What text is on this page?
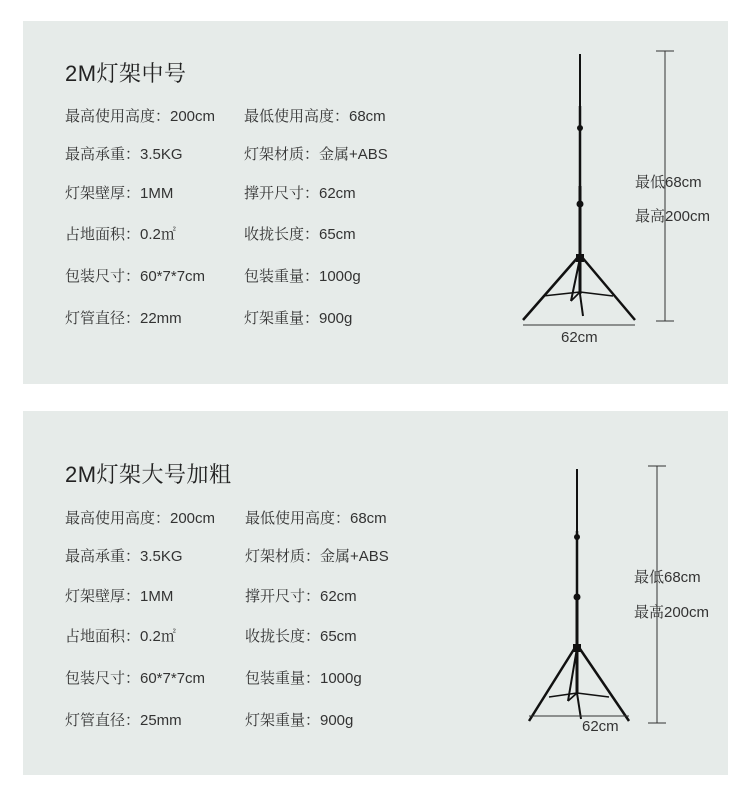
2M灯架中号
最高使用高度：200cm
最高承重：3.5KG
灯架壁厚：1MM
占地面积：0.2㎡
包装尺寸：60*7*7cm
灯管直径：22mm
最低使用高度：68cm
灯架材质：金属+ABS
撑开尺寸：62cm
收拢长度：65cm
包装重量：1000g
灯架重量：900g
最低68cm
最高200cm
62cm
2M灯架大号加粗
最高使用高度：200cm
最高承重：3.5KG
灯架壁厚：1MM
占地面积：0.2㎡
包装尺寸：60*7*7cm
灯管直径：25mm
最低使用高度：68cm
灯架材质：金属+ABS
撑开尺寸：62cm
收拢长度：65cm
包装重量：1000g
灯架重量：900g
最低68cm
最高200cm
62cm
